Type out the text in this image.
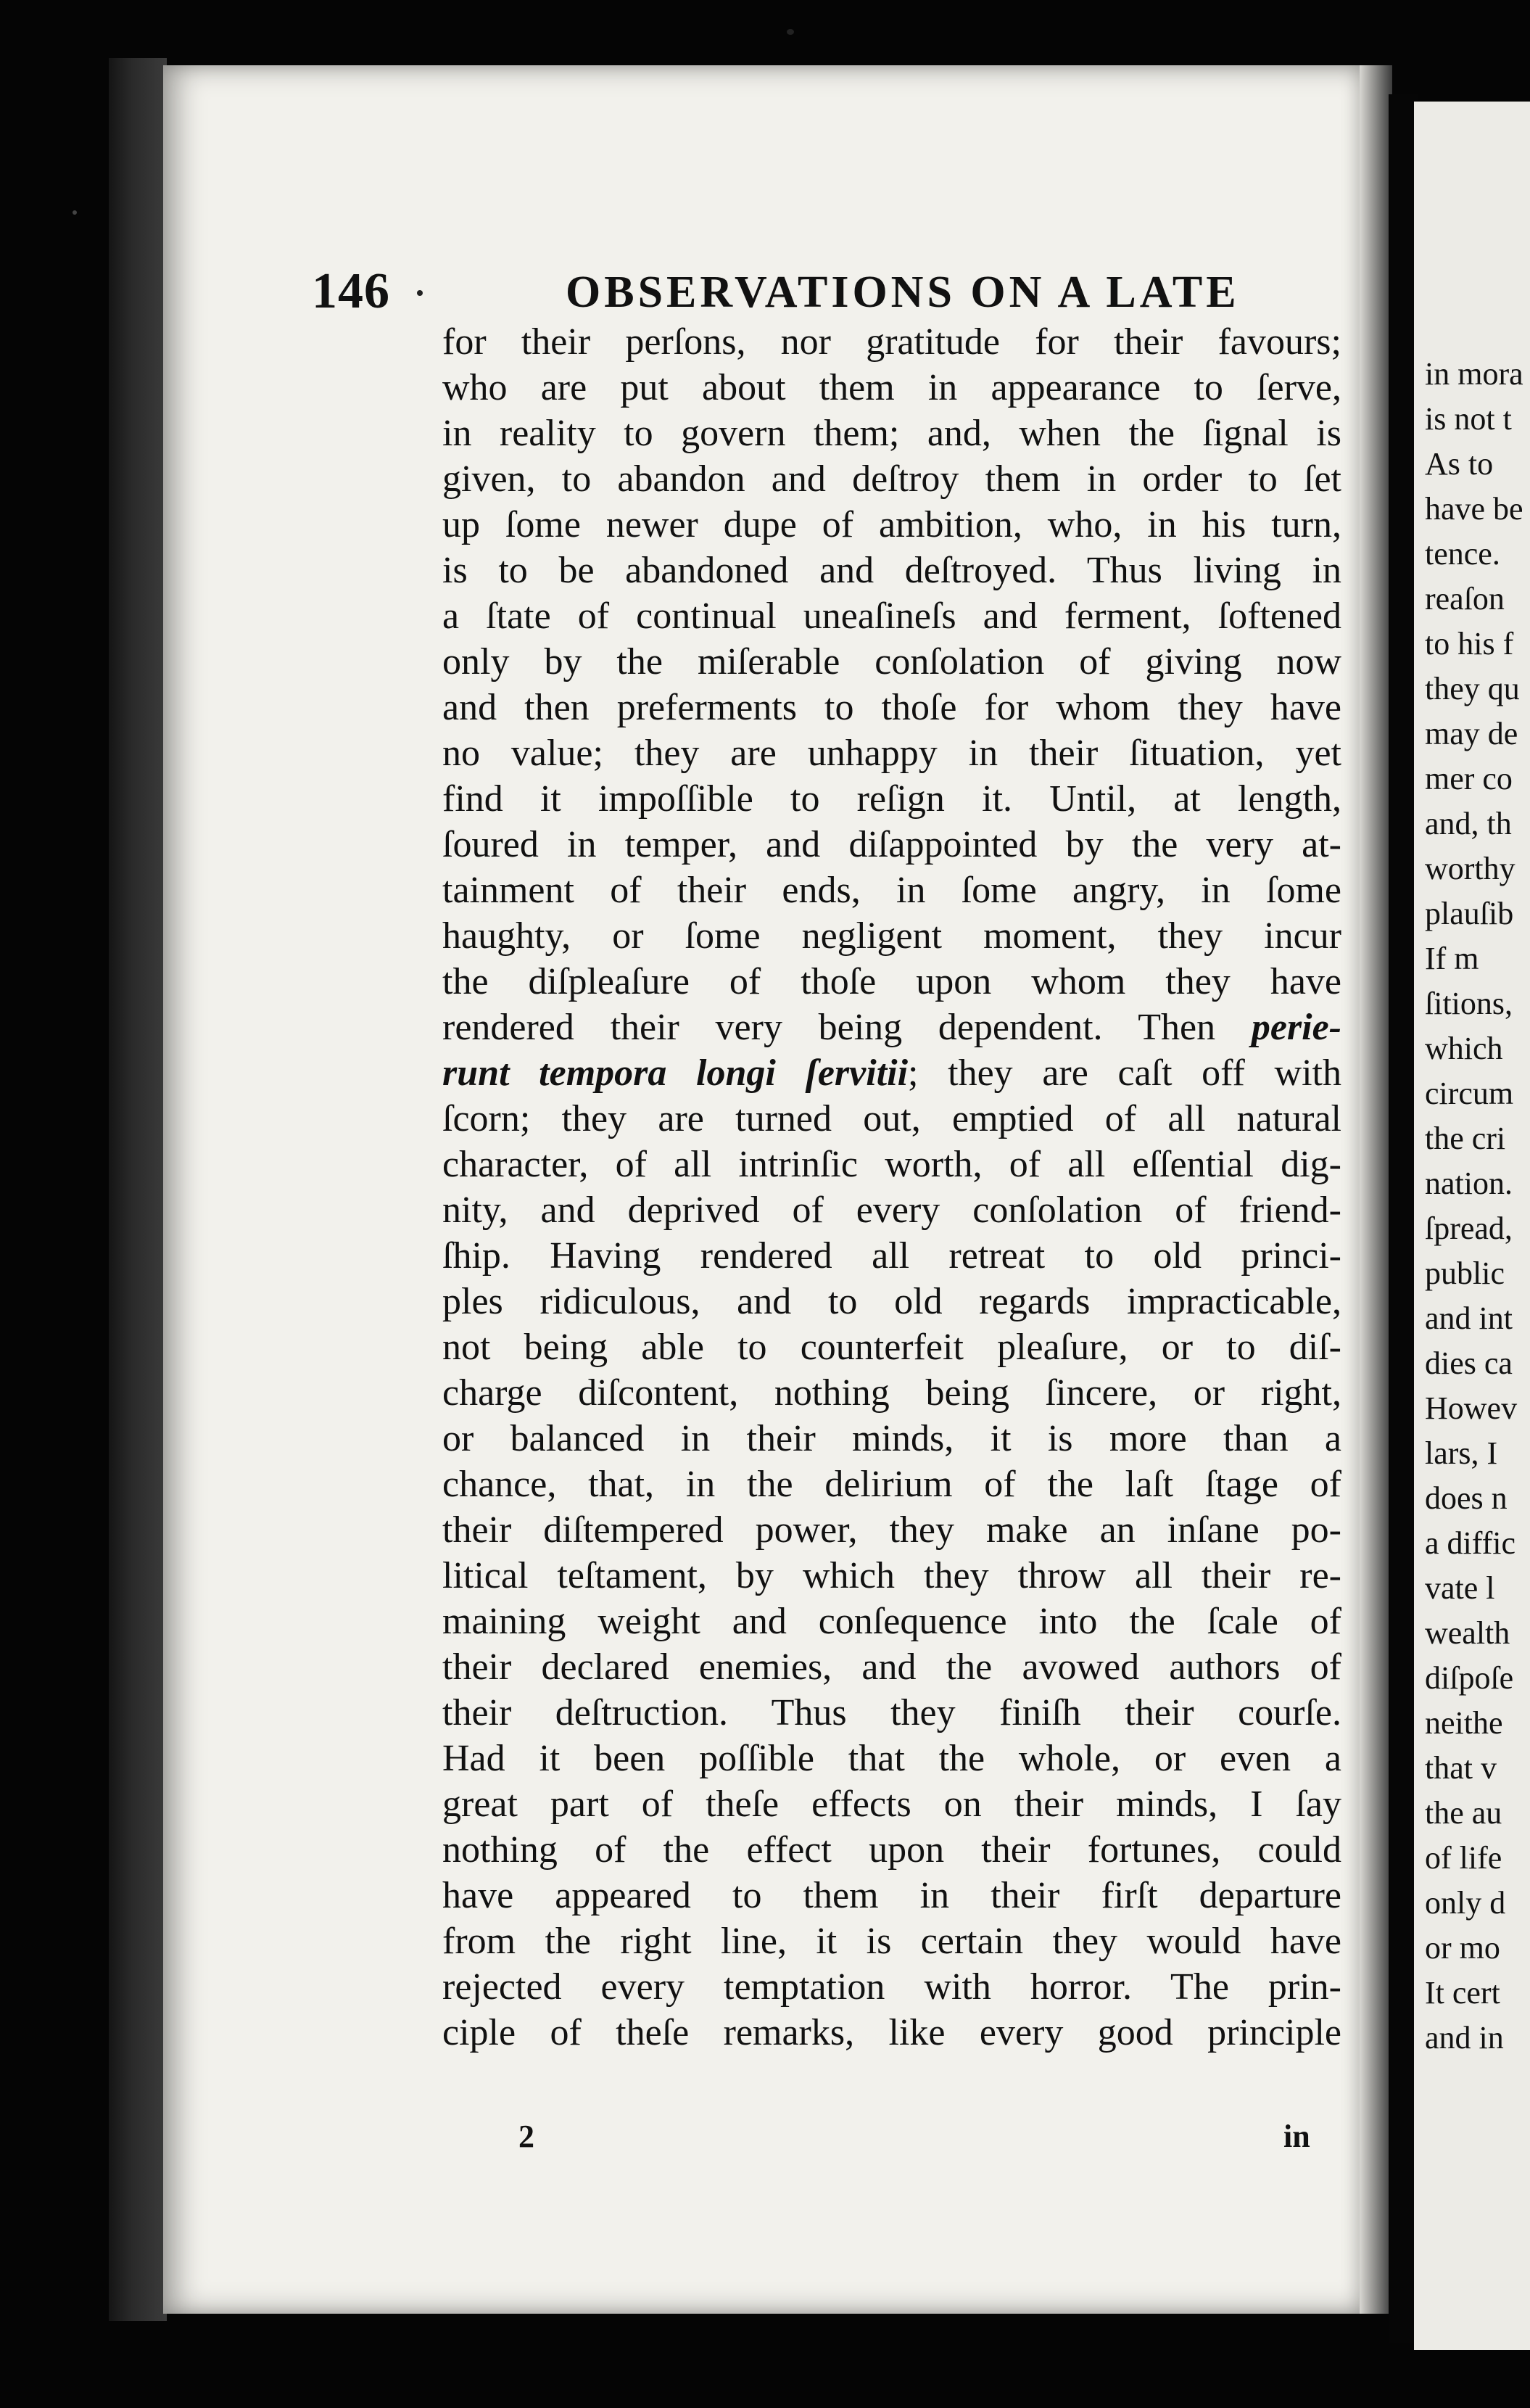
in mora
is not t
As to
have be
tence.
reaſon
to his f
they qu
may de
mer co
and, th
worthy
plauſib
If m
ſitions,
which
circum
the cri
nation.
ſpread,
public
and int
dies ca
Howev
lars, I
does n
a diffic
vate l
wealth
diſpoſe
neithe
that v
the au
of life
only d
or mo
It cert
and in
146	OBSERVATIONS ON A LATE
for their perſons, nor gratitude for their favours;
who are put about them in appearance to ſerve,
in reality to govern them; and, when the ſignal is
given, to abandon and deſtroy them in order to ſet
up ſome newer dupe of ambition, who, in his turn,
is to be abandoned and deſtroyed. Thus living in
a ſtate of continual uneaſineſs and ferment, ſoftened
only by the miſerable conſolation of giving now
and then preferments to thoſe for whom they have
no value; they are unhappy in their ſituation, yet
find it impoſſible to reſign it. Until, at length,
ſoured in temper, and diſappointed by the very at-
tainment of their ends, in ſome angry, in ſome
haughty, or ſome negligent moment, they incur
the diſpleaſure of thoſe upon whom they have
rendered their very being dependent. Then perie-
runt tempora longi ſervitii; they are caſt off with
ſcorn; they are turned out, emptied of all natural
character, of all intrinſic worth, of all eſſential dig-
nity, and deprived of every conſolation of friend-
ſhip. Having rendered all retreat to old princi-
ples ridiculous, and to old regards impracticable,
not being able to counterfeit pleaſure, or to diſ-
charge diſcontent, nothing being ſincere, or right,
or balanced in their minds, it is more than a
chance, that, in the delirium of the laſt ſtage of
their diſtempered power, they make an inſane po-
litical teſtament, by which they throw all their re-
maining weight and conſequence into the ſcale of
their declared enemies, and the avowed authors of
their deſtruction. Thus they finiſh their courſe.
Had it been poſſible that the whole, or even a
great part of theſe effects on their minds, I ſay
nothing of the effect upon their fortunes, could
have appeared to them in their firſt departure
from the right line, it is certain they would have
rejected every temptation with horror. The prin-
ciple of theſe remarks, like every good principle
2	in
